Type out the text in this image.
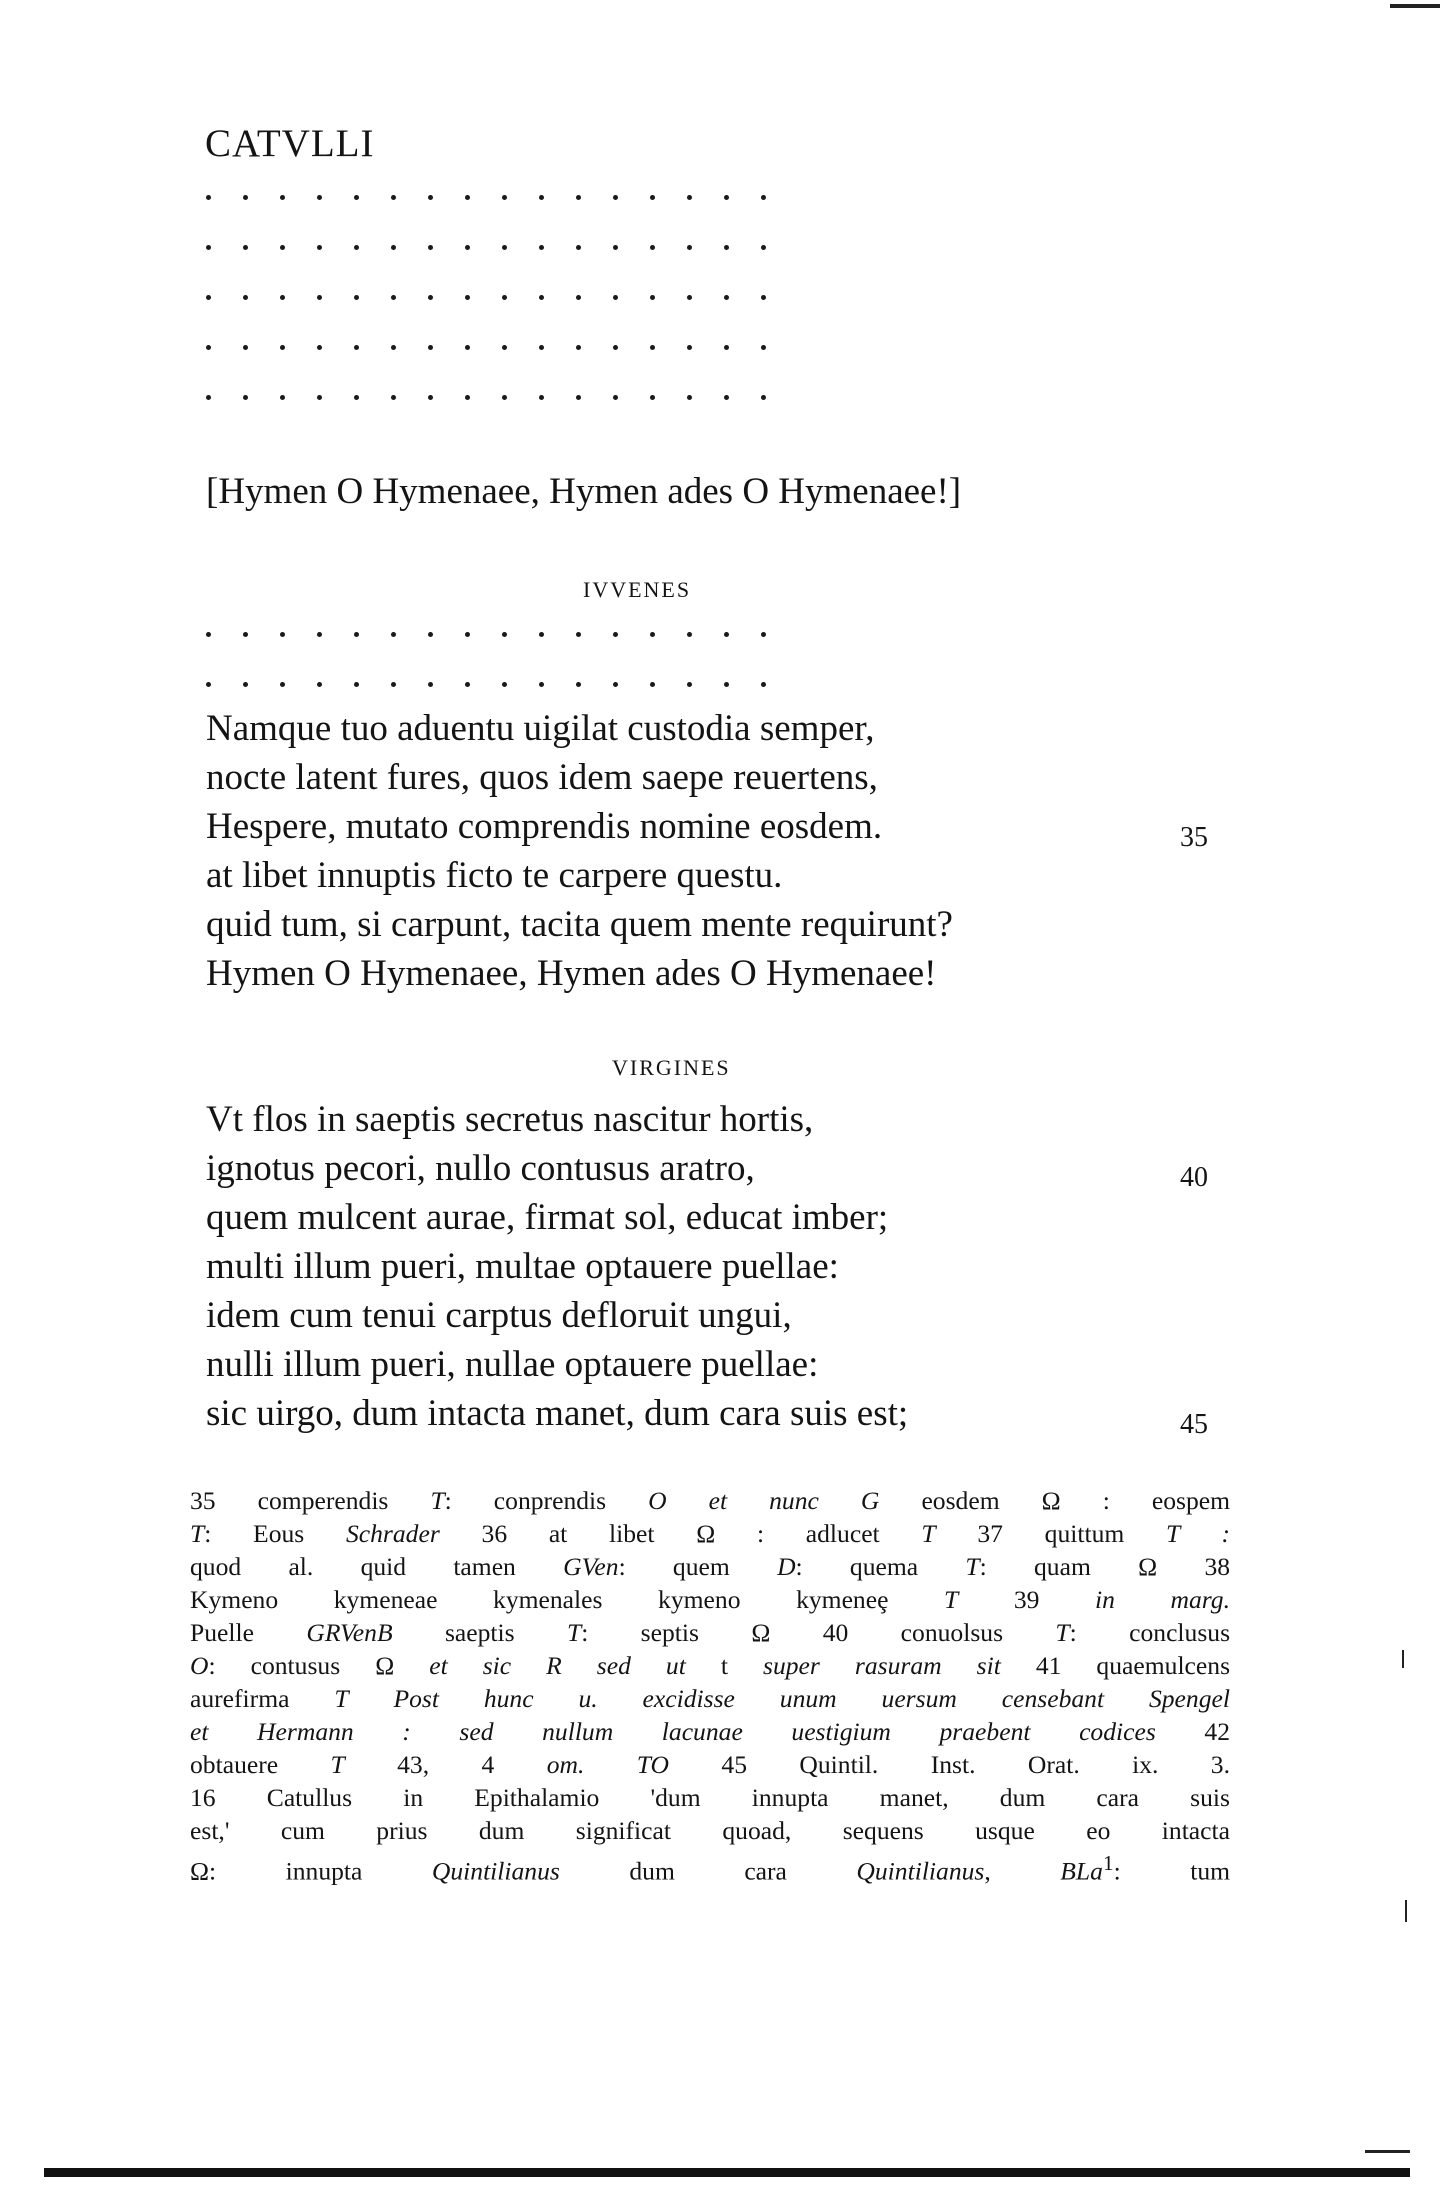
CATVLLI
[Hymen O Hymenaee, Hymen ades O Hymenaee!]
IVVENES
Namque tuo aduentu uigilat custodia semper,
nocte latent fures, quos idem saepe reuertens,
Hespere, mutato comprendis nomine eosdem.	35
at libet innuptis ficto te carpere questu.
quid tum, si carpunt, tacita quem mente requirunt?
Hymen O Hymenaee, Hymen ades O Hymenaee!
VIRGINES
Vt flos in saeptis secretus nascitur hortis,
ignotus pecori, nullo contusus aratro,	40
quem mulcent aurae, firmat sol, educat imber;
multi illum pueri, multae optauere puellae:
idem cum tenui carptus defloruit ungui,
nulli illum pueri, nullae optauere puellae:
sic uirgo, dum intacta manet, dum cara suis est;	45
35 comperendis T: conprendis O et nunc G eosdem Ω : eospem
T: Eous Schrader 36 at libet Ω : adlucet T 37 quittum T :
quod al. quid tamen GVen: quem D: quema T: quam Ω 38
Kymeno kymeneae kymenales kymeno kymeneȩ T 39 in marg.
Puelle GRVenB saeptis T: septis Ω 40 conuolsus T: conclusus
O: contusus Ω et sic R sed ut t super rasuram sit 41 quaemulcens
aurefirma T Post hunc u. excidisse unum uersum censebant Spengel
et Hermann : sed nullum lacunae uestigium praebent codices 42
obtauere T 43, 4 om. TO 45 Quintil. Inst. Orat. ix. 3.
16 Catullus in Epithalamio 'dum innupta manet, dum cara suis
est,' cum prius dum significat quoad, sequens usque eo intacta
Ω: innupta	Quintilianus	dum cara	Quintilianus,	BLa$^1$: tum
